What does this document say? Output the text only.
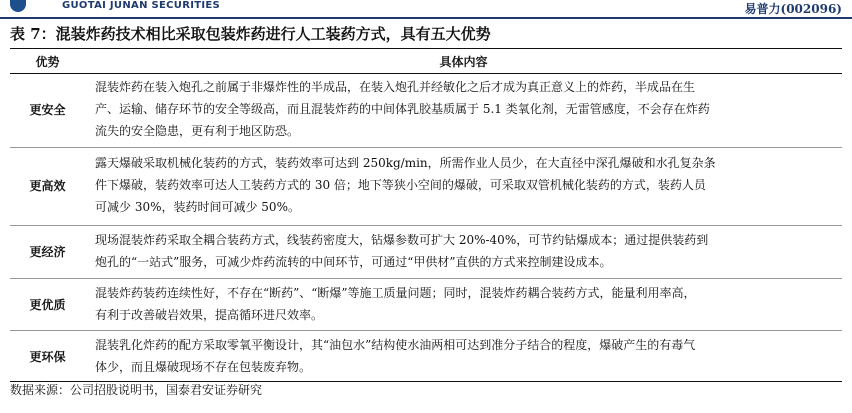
GUOTAI JUNAN SECURITIES	易普力(002096)
表 7：混装炸药技术相比采取包装炸药进行人工装药方式，具有五大优势
优势	具体内容
更安全
混装炸药在装入炮孔之前属于非爆炸性的半成品，在装入炮孔并经敏化之后才成为真正意义上的炸药，半成品在生
产、运输、储存环节的安全等级高，而且混装炸药的中间体乳胶基质属于 5.1 类氧化剂，无雷管感度，不会存在炸药
流失的安全隐患，更有利于地区防恐。
更高效
露天爆破采取机械化装药的方式，装药效率可达到 250kg/min，所需作业人员少，在大直径中深孔爆破和水孔复杂条
件下爆破，装药效率可达人工装药方式的 30 倍；地下等狭小空间的爆破，可采取双管机械化装药的方式，装药人员
可减少 30%，装药时间可减少 50%。
更经济
现场混装炸药采取全耦合装药方式，线装药密度大，钻爆参数可扩大 20%-40%，可节约钻爆成本；通过提供装药到
炮孔的“一站式”服务，可减少炸药流转的中间环节，可通过“甲供材”直供的方式来控制建设成本。
更优质
混装炸药装药连续性好，不存在“断药”、“断爆”等施工质量问题；同时，混装炸药耦合装药方式，能量利用率高，
有利于改善破岩效果，提高循环进尺效率。
更环保
混装乳化炸药的配方采取零氧平衡设计，其“油包水”结构使水油两相可达到准分子结合的程度，爆破产生的有毒气
体少，而且爆破现场不存在包装废弃物。
数据来源：公司招股说明书，国泰君安证券研究
